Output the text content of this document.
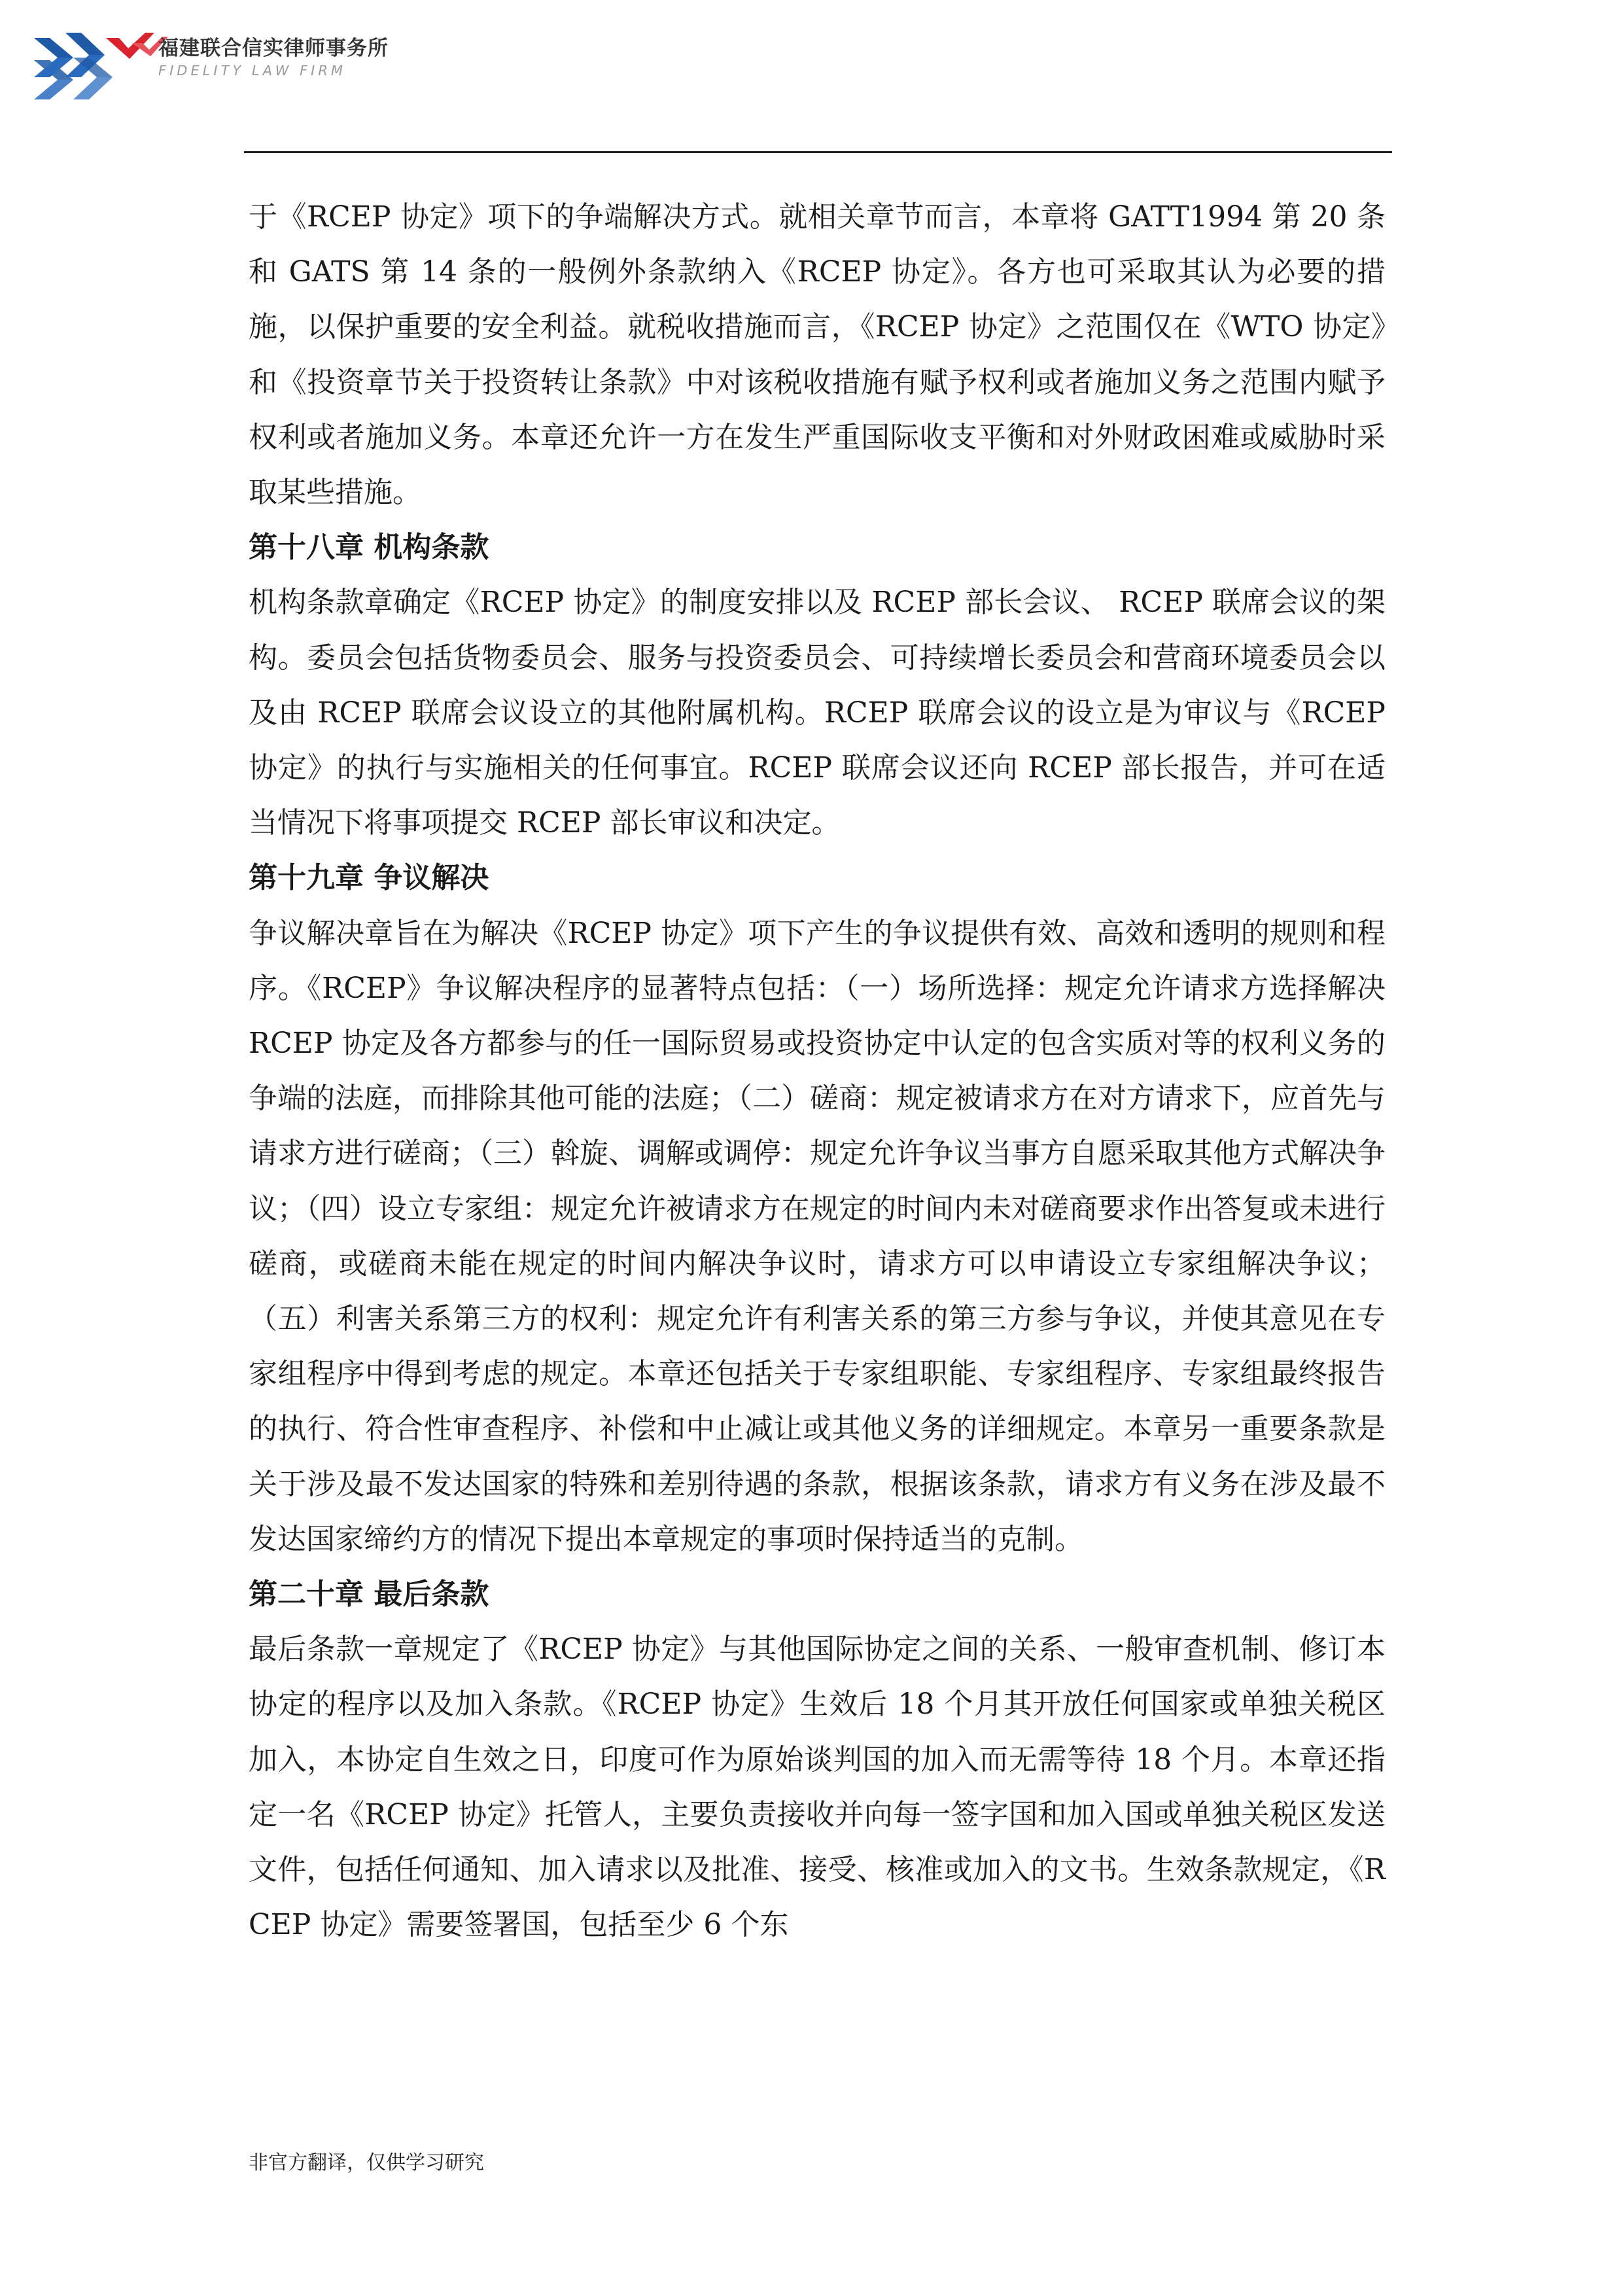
福建联合信实律师事务所
FIDELITY LAW FIRM

于《RCEP 协定》项下的争端解决方式。就相关章节而言，本章将 GATT1994 第 20 条和 GATS 第 14 条的一般例外条款纳入《RCEP 协定》。各方也可采取其认为必要的措施，以保护重要的安全利益。就税收措施而言，《RCEP 协定》之范围仅在《WTO 协定》和《投资章节关于投资转让条款》中对该税收措施有赋予权利或者施加义务之范围内赋予权利或者施加义务。本章还允许一方在发生严重国际收支平衡和对外财政困难或威胁时采取某些措施。

第十八章 机构条款

机构条款章确定《RCEP 协定》的制度安排以及 RCEP 部长会议、 RCEP 联席会议的架构。委员会包括货物委员会、服务与投资委员会、可持续增长委员会和营商环境委员会以及由 RCEP 联席会议设立的其他附属机构。RCEP 联席会议的设立是为审议与《RCEP 协定》的执行与实施相关的任何事宜。RCEP 联席会议还向 RCEP 部长报告，并可在适当情况下将事项提交 RCEP 部长审议和决定。

第十九章 争议解决

争议解决章旨在为解决《RCEP 协定》项下产生的争议提供有效、高效和透明的规则和程序。《RCEP》争议解决程序的显著特点包括：（一）场所选择：规定允许请求方选择解决 RCEP 协定及各方都参与的任一国际贸易或投资协定中认定的包含实质对等的权利义务的争端的法庭，而排除其他可能的法庭；（二）磋商：规定被请求方在对方请求下，应首先与请求方进行磋商；（三）斡旋、调解或调停：规定允许争议当事方自愿采取其他方式解决争议；（四）设立专家组：规定允许被请求方在规定的时间内未对磋商要求作出答复或未进行磋商，或磋商未能在规定的时间内解决争议时，请求方可以申请设立专家组解决争议；（五）利害关系第三方的权利：规定允许有利害关系的第三方参与争议，并使其意见在专家组程序中得到考虑的规定。本章还包括关于专家组职能、专家组程序、专家组最终报告的执行、符合性审查程序、补偿和中止减让或其他义务的详细规定。本章另一重要条款是关于涉及最不发达国家的特殊和差别待遇的条款，根据该条款，请求方有义务在涉及最不发达国家缔约方的情况下提出本章规定的事项时保持适当的克制。

第二十章 最后条款

最后条款一章规定了《RCEP 协定》与其他国际协定之间的关系、一般审查机制、修订本协定的程序以及加入条款。《RCEP 协定》生效后 18 个月其开放任何国家或单独关税区加入，本协定自生效之日，印度可作为原始谈判国的加入而无需等待 18 个月。本章还指定一名《RCEP 协定》托管人，主要负责接收并向每一签字国和加入国或单独关税区发送文件，包括任何通知、加入请求以及批准、接受、核准或加入的文书。生效条款规定，《RCEP 协定》需要签署国，包括至少 6 个东

非官方翻译，仅供学习研究
